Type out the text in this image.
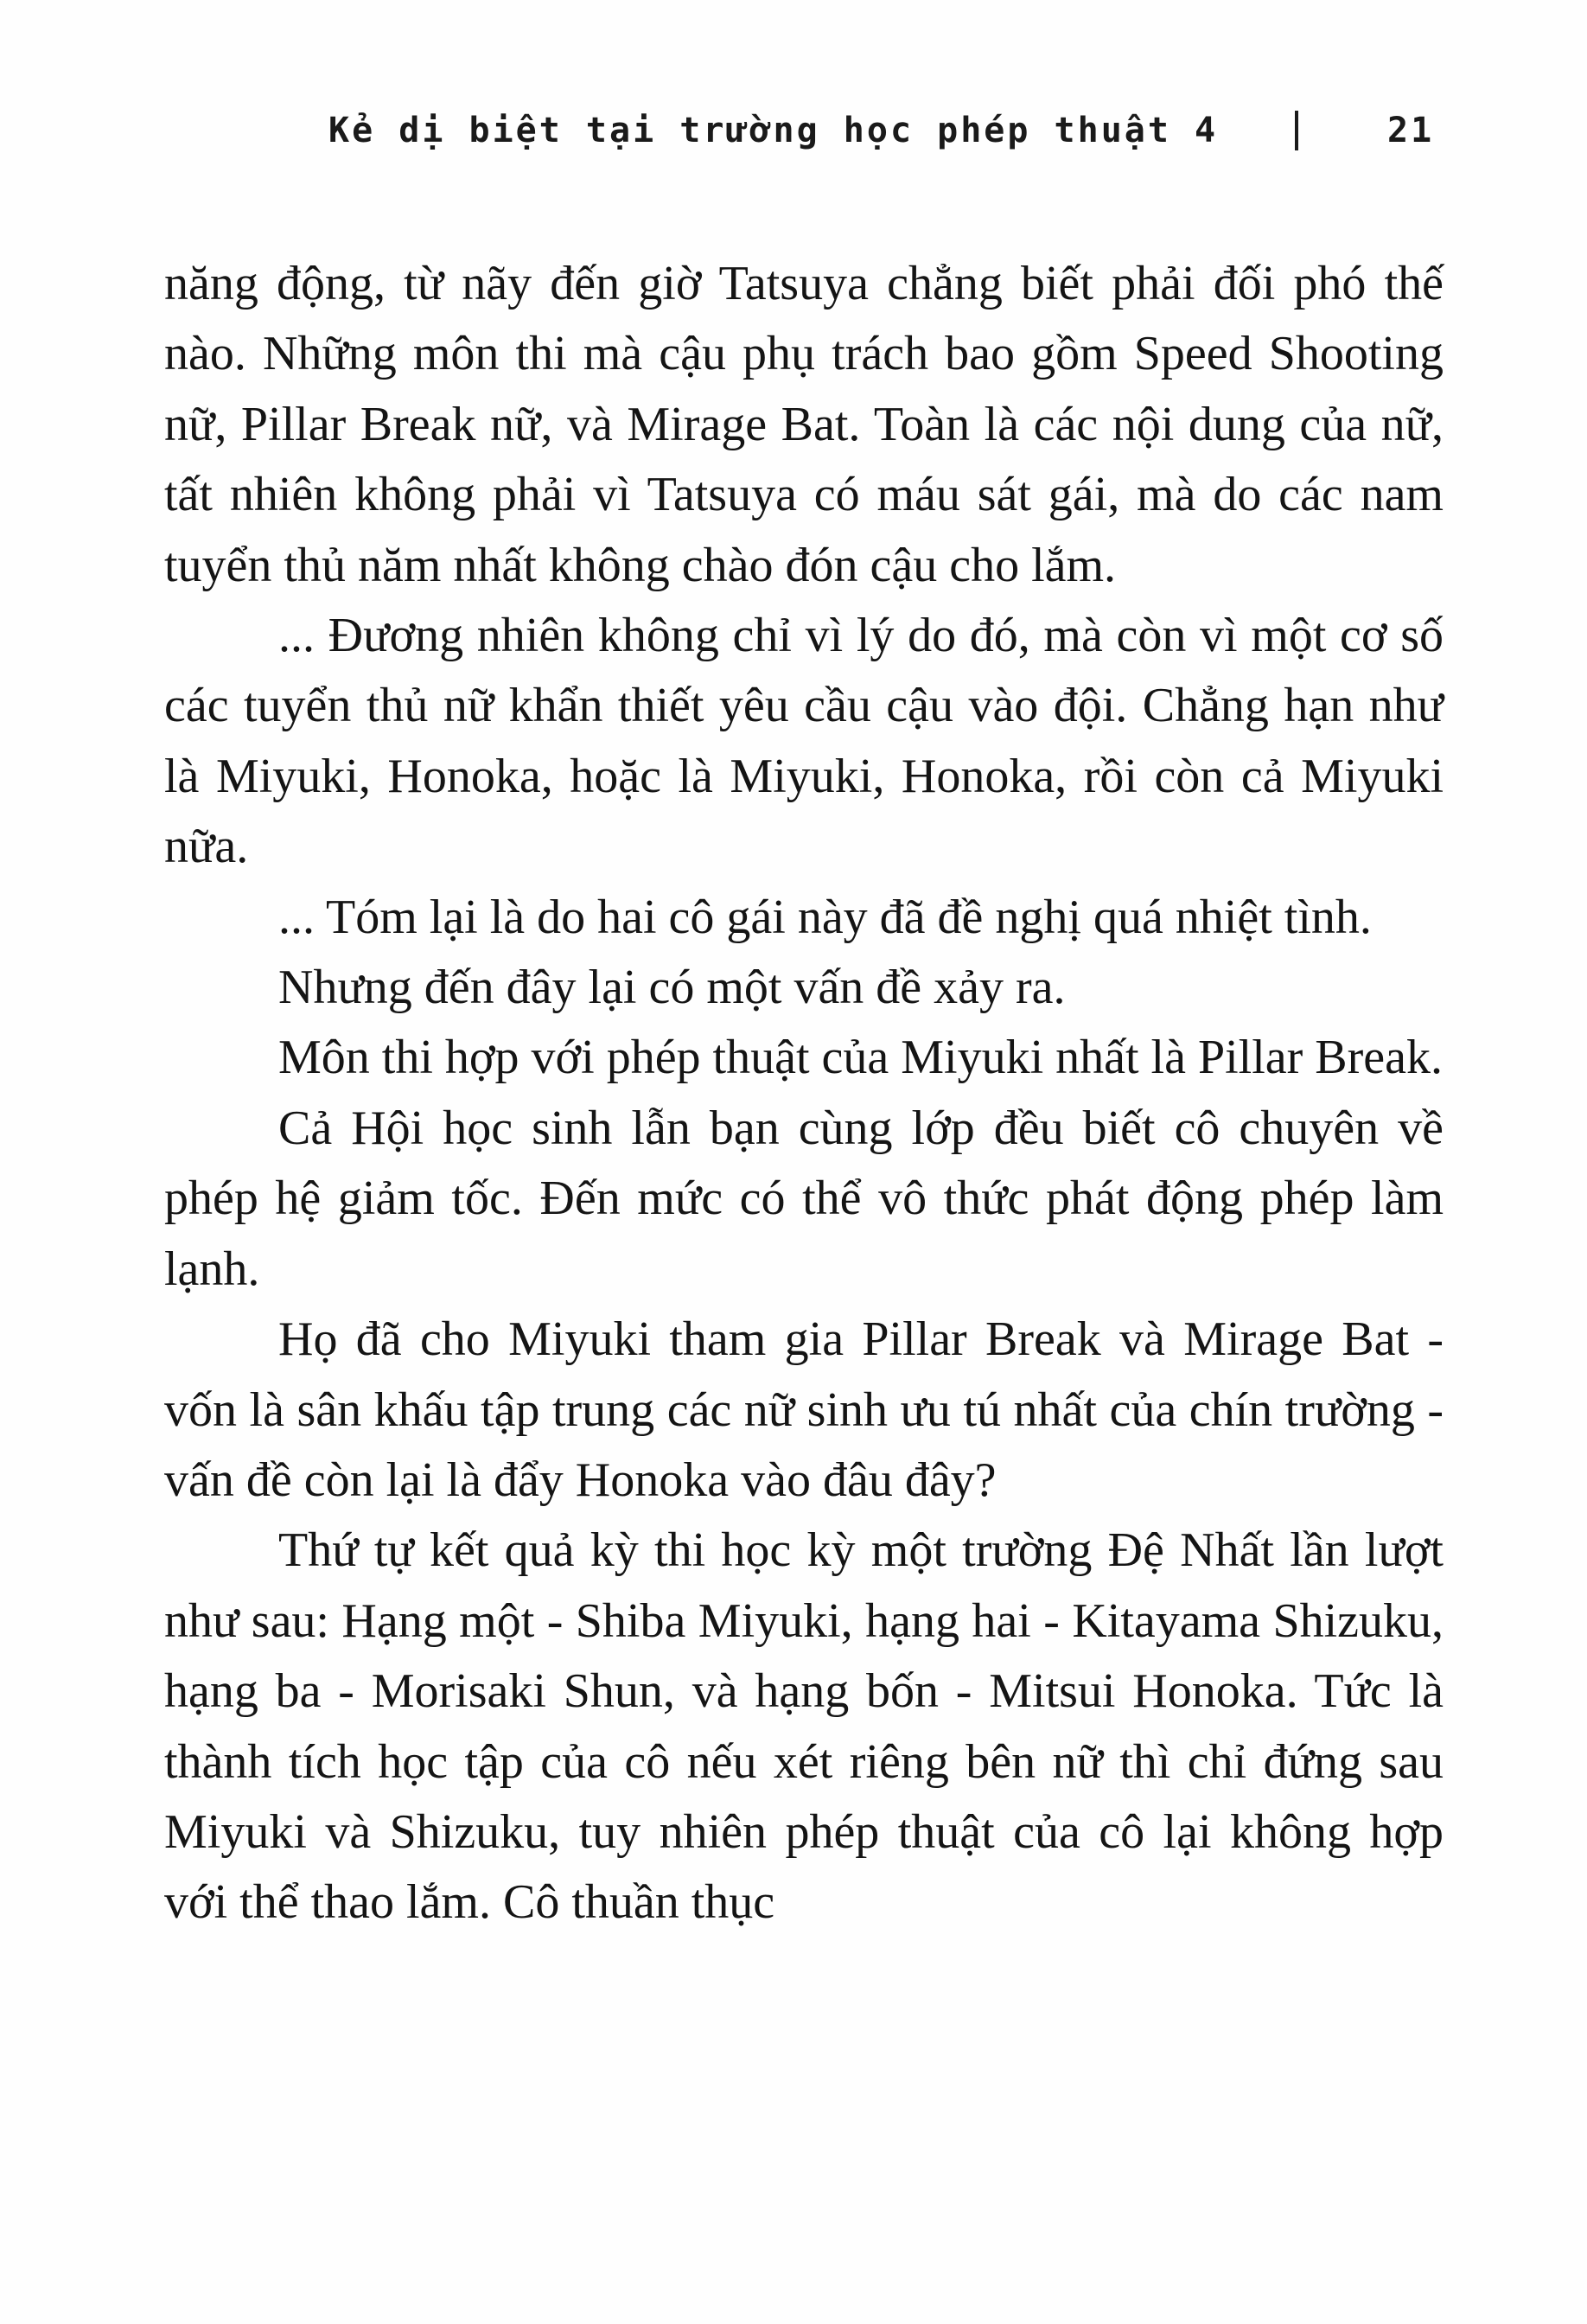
Kẻ dị biệt tại trường học phép thuật 4	21

năng động, từ nãy đến giờ Tatsuya chẳng biết phải đối phó thế nào. Những môn thi mà cậu phụ trách bao gồm Speed Shooting nữ, Pillar Break nữ, và Mirage Bat. Toàn là các nội dung của nữ, tất nhiên không phải vì Tatsuya có máu sát gái, mà do các nam tuyển thủ năm nhất không chào đón cậu cho lắm.

... Đương nhiên không chỉ vì lý do đó, mà còn vì một cơ số các tuyển thủ nữ khẩn thiết yêu cầu cậu vào đội. Chẳng hạn như là Miyuki, Honoka, hoặc là Miyuki, Honoka, rồi còn cả Miyuki nữa.

... Tóm lại là do hai cô gái này đã đề nghị quá nhiệt tình.

Nhưng đến đây lại có một vấn đề xảy ra.

Môn thi hợp với phép thuật của Miyuki nhất là Pillar Break.

Cả Hội học sinh lẫn bạn cùng lớp đều biết cô chuyên về phép hệ giảm tốc. Đến mức có thể vô thức phát động phép làm lạnh.

Họ đã cho Miyuki tham gia Pillar Break và Mirage Bat - vốn là sân khấu tập trung các nữ sinh ưu tú nhất của chín trường - vấn đề còn lại là đẩy Honoka vào đâu đây?

Thứ tự kết quả kỳ thi học kỳ một trường Đệ Nhất lần lượt như sau: Hạng một - Shiba Miyuki, hạng hai - Kitayama Shizuku, hạng ba - Morisaki Shun, và hạng bốn - Mitsui Honoka. Tức là thành tích học tập của cô nếu xét riêng bên nữ thì chỉ đứng sau Miyuki và Shizuku, tuy nhiên phép thuật của cô lại không hợp với thể thao lắm. Cô thuần thục
